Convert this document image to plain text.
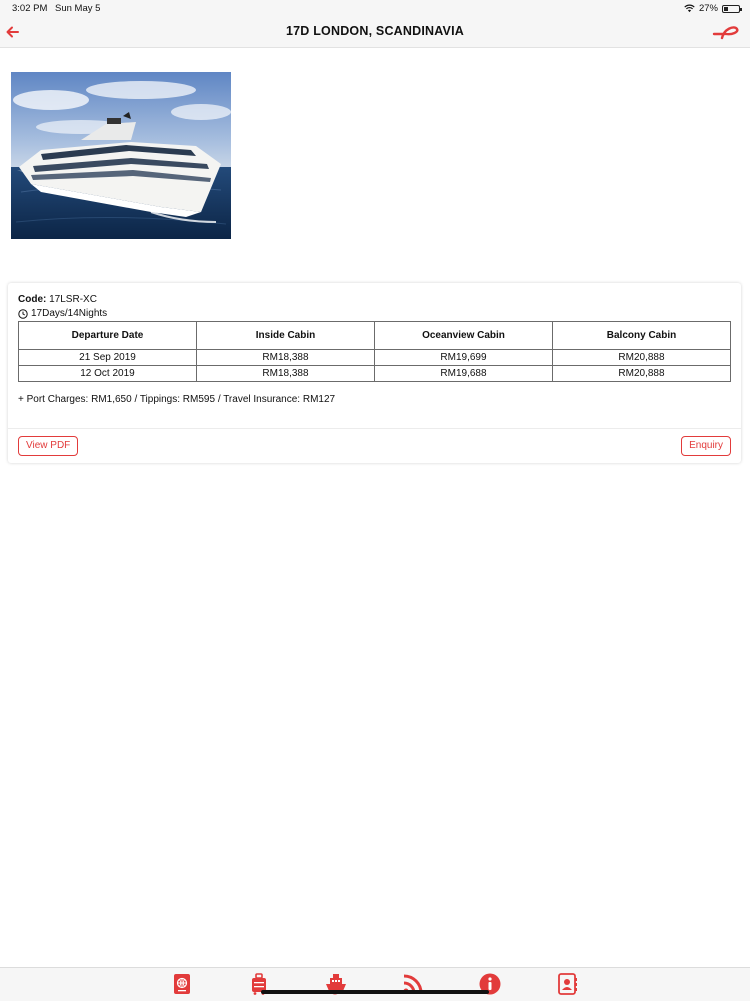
3:02 PM Sun May 5	27%
17D LONDON, SCANDINAVIA
Code: 17LSR-XC
17Days/14Nights
Departure Date	Inside Cabin	Oceanview Cabin	Balcony Cabin
21 Sep 2019	RM18,388	RM19,699	RM20,888
12 Oct 2019	RM18,388	RM19,688	RM20,888
+ Port Charges: RM1,650 / Tippings: RM595 / Travel Insurance: RM127
View PDF	Enquiry
